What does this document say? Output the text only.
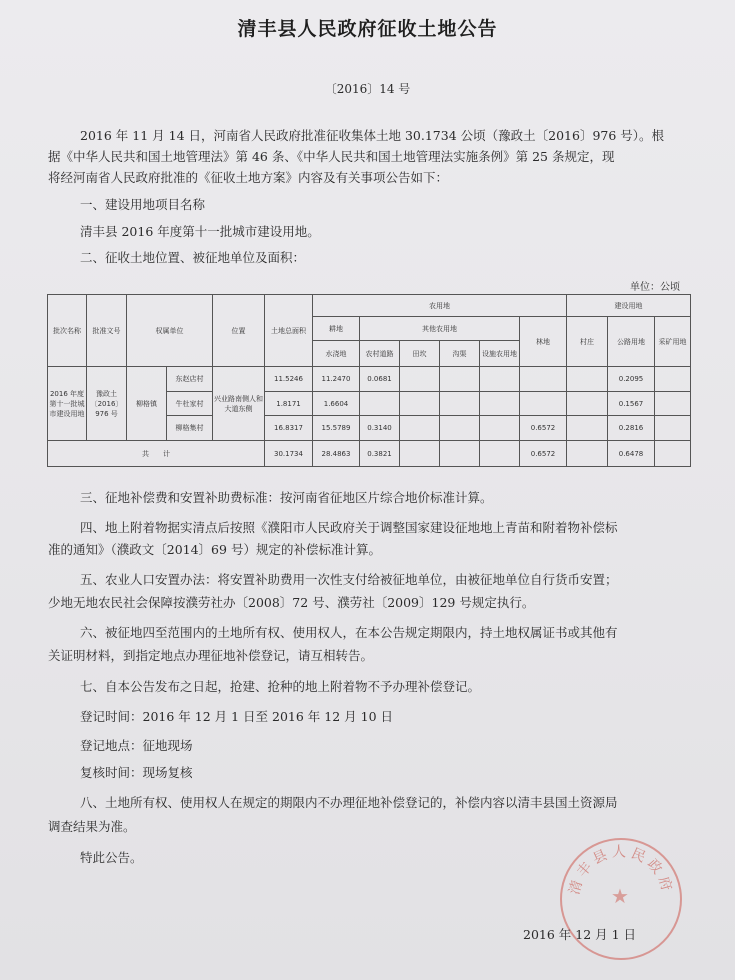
清丰县人民政府征收土地公告
〔2016〕14 号
2016 年 11 月 14 日，河南省人民政府批准征收集体土地 30.1734 公顷（豫政土〔2016〕976 号）。根
据《中华人民共和国土地管理法》第 46 条、《中华人民共和国土地管理法实施条例》第 25 条规定，现
将经河南省人民政府批准的《征收土地方案》内容及有关事项公告如下：
一、建设用地项目名称
清丰县 2016 年度第十一批城市建设用地。
二、征收土地位置、被征地单位及面积：
单位：公顷
批次名称	批准文号	权属单位		位置	土地总面积	农用地						建设用地		
						耕地	其他农用地				林地	村庄	公路用地	采矿用地
						水浇地	农村道路	田坎	沟渠	设施农用地				
2016 年度第十一批城市建设用地	豫政土〔2016〕976 号	柳格镇	东赵店村	兴业路南侧人和大道东侧	11.5246	11.2470	0.0681						0.2095	
			牛杜家村		1.8171	1.6604							0.1567	
			柳格集村		16.8317	15.5789	0.3140				0.6572		0.2816	
共　　计					30.1734	28.4863	0.3821				0.6572		0.6478	
三、征地补偿费和安置补助费标准：按河南省征地区片综合地价标准计算。
四、地上附着物据实清点后按照《濮阳市人民政府关于调整国家建设征地地上青苗和附着物补偿标
准的通知》（濮政文〔2014〕69 号）规定的补偿标准计算。
五、农业人口安置办法：将安置补助费用一次性支付给被征地单位，由被征地单位自行货币安置；
少地无地农民社会保障按濮劳社办〔2008〕72 号、濮劳社〔2009〕129 号规定执行。
六、被征地四至范围内的土地所有权、使用权人，在本公告规定期限内，持土地权属证书或其他有
关证明材料，到指定地点办理征地补偿登记，请互相转告。
七、自本公告发布之日起，抢建、抢种的地上附着物不予办理补偿登记。
登记时间：2016 年 12 月 1 日至 2016 年 12 月 10 日
登记地点：征地现场
复核时间：现场复核
八、土地所有权、使用权人在规定的期限内不办理征地补偿登记的，补偿内容以清丰县国土资源局
调查结果为准。
特此公告。
清丰县人民政府
★
2016 年 12 月 1 日
